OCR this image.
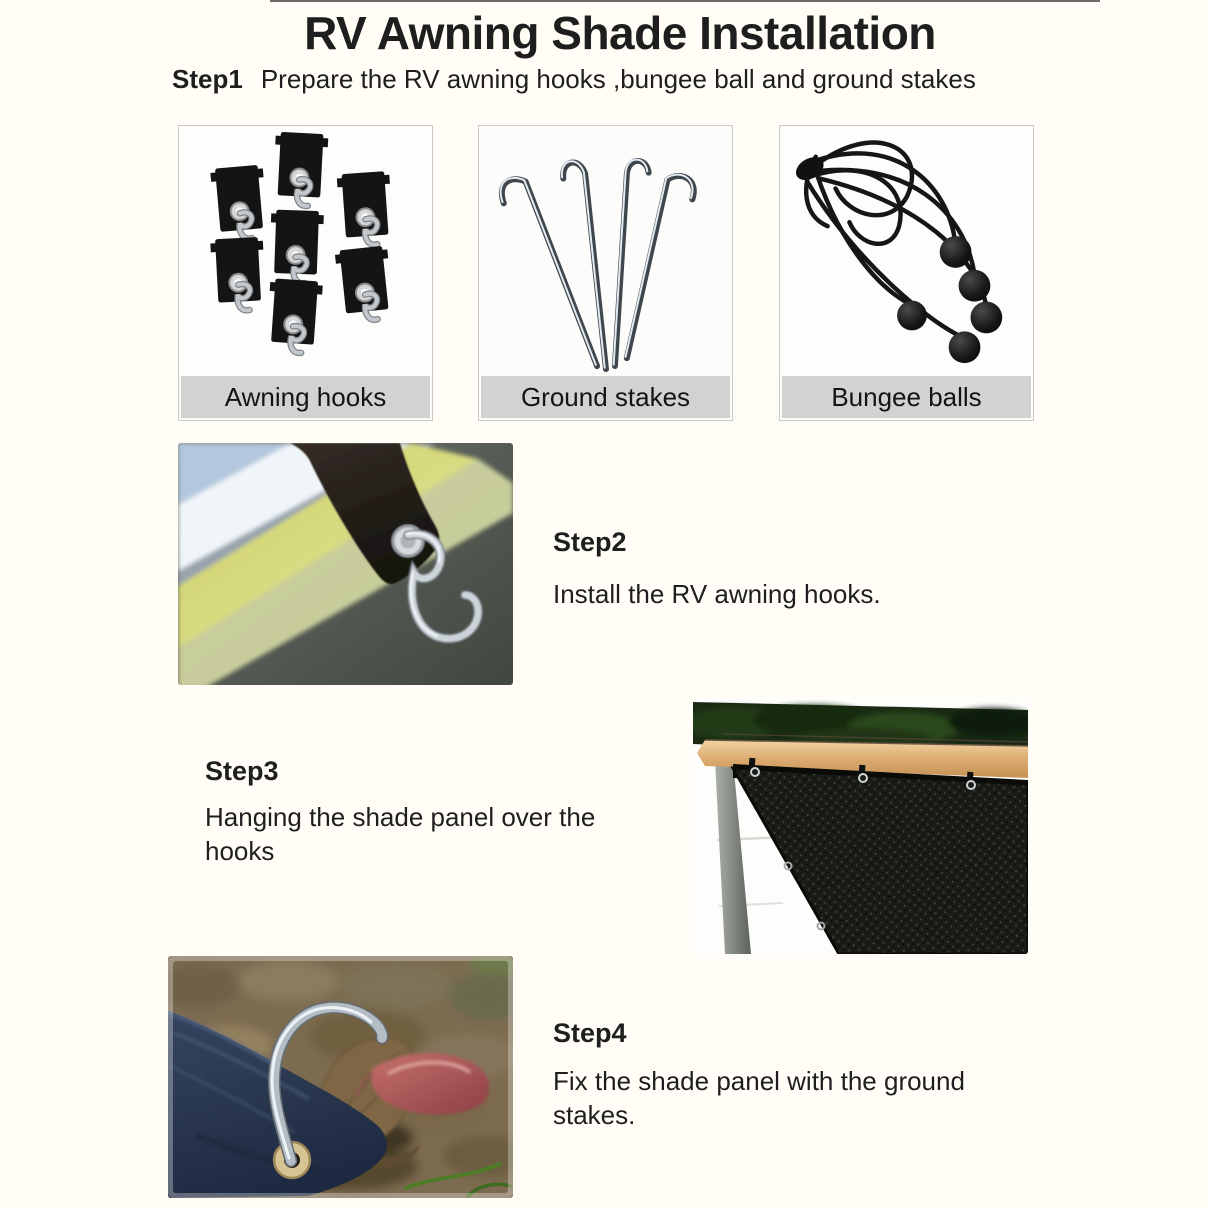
RV Awning Shade Installation
Step1 Prepare the RV awning hooks ,bungee ball and ground stakes
Awning hooks	Ground stakes	Bungee balls
Step2
Install the RV awning hooks.
Step3
Hanging the shade panel over the hooks
Step4
Fix the shade panel with the ground stakes.
